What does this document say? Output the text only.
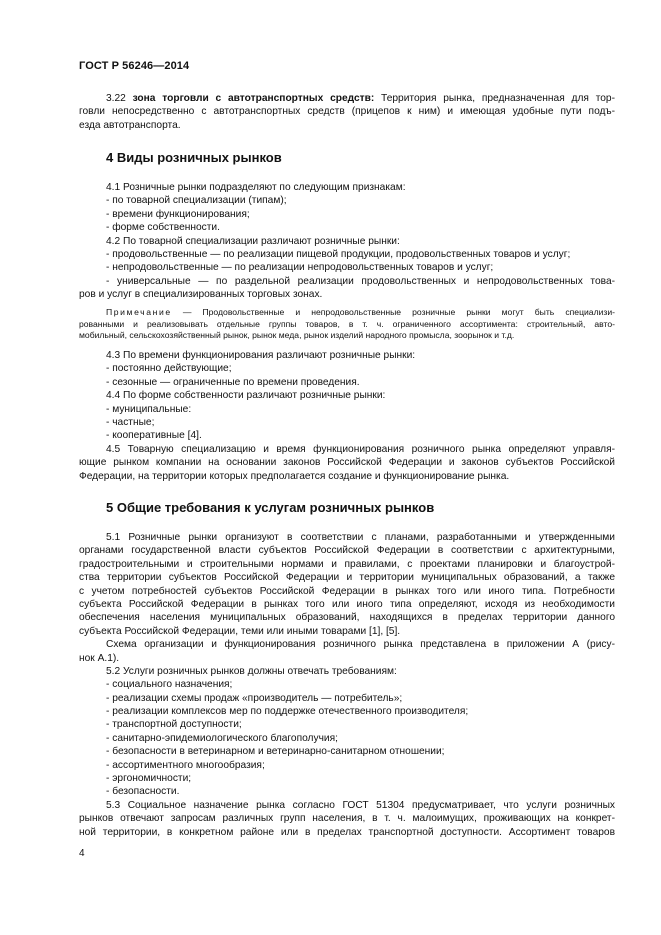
ГОСТ Р 56246—2014
3.22 зона торговли с автотранспортных средств: Территория рынка, предназначенная для тор-
говли непосредственно с автотранспортных средств (прицепов к ним) и имеющая удобные пути подъ-
езда автотранспорта.
4 Виды розничных рынков
4.1 Розничные рынки подразделяют по следующим признакам:
- по товарной специализации (типам);
- времени функционирования;
- форме собственности.
4.2 По товарной специализации различают розничные рынки:
- продовольственные — по реализации пищевой продукции, продовольственных товаров и услуг;
- непродовольственные — по реализации непродовольственных товаров и услуг;
- универсальные — по раздельной реализации продовольственных и непродовольственных това-
ров и услуг в специализированных торговых зонах.
Примечание — Продовольственные и непродовольственные розничные рынки могут быть специализи-
рованными и реализовывать отдельные группы товаров, в т. ч. ограниченного ассортимента: строительный, авто-
мобильный, сельскохозяйственный рынок, рынок меда, рынок изделий народного промысла, зоорынок и т.д.
4.3 По времени функционирования различают розничные рынки:
- постоянно действующие;
- сезонные — ограниченные по времени проведения.
4.4 По форме собственности различают розничные рынки:
- муниципальные:
- частные;
- кооперативные [4].
4.5 Товарную специализацию и время функционирования розничного рынка определяют управля-
ющие рынком компании на основании законов Российской Федерации и законов субъектов Российской
Федерации, на территории которых предполагается создание и функционирование рынка.
5 Общие требования к услугам розничных рынков
5.1 Розничные рынки организуют в соответствии с планами, разработанными и утвержденными
органами государственной власти субъектов Российской Федерации в соответствии с архитектурными,
градостроительными и строительными нормами и правилами, с проектами планировки и благоустрой-
ства территории субъектов Российской Федерации и территории муниципальных образований, а также
с учетом потребностей субъектов Российской Федерации в рынках того или иного типа. Потребности
субъекта Российской Федерации в рынках того или иного типа определяют, исходя из необходимости
обеспечения населения муниципальных образований, находящихся в пределах территории данного
субъекта Российской Федерации, теми или иными товарами [1], [5].
Схема организации и функционирования розничного рынка представлена в приложении А (рису-
нок А.1).
5.2 Услуги розничных рынков должны отвечать требованиям:
- социального назначения;
- реализации схемы продаж «производитель — потребитель»;
- реализации комплексов мер по поддержке отечественного производителя;
- транспортной доступности;
- санитарно-эпидемиологического благополучия;
- безопасности в ветеринарном и ветеринарно-санитарном отношении;
- ассортиментного многообразия;
- эргономичности;
- безопасности.
5.3 Социальное назначение рынка согласно ГОСТ 51304 предусматривает, что услуги розничных
рынков отвечают запросам различных групп населения, в т. ч. малоимущих, проживающих на конкрет-
ной территории, в конкретном районе или в пределах транспортной доступности. Ассортимент товаров
4
